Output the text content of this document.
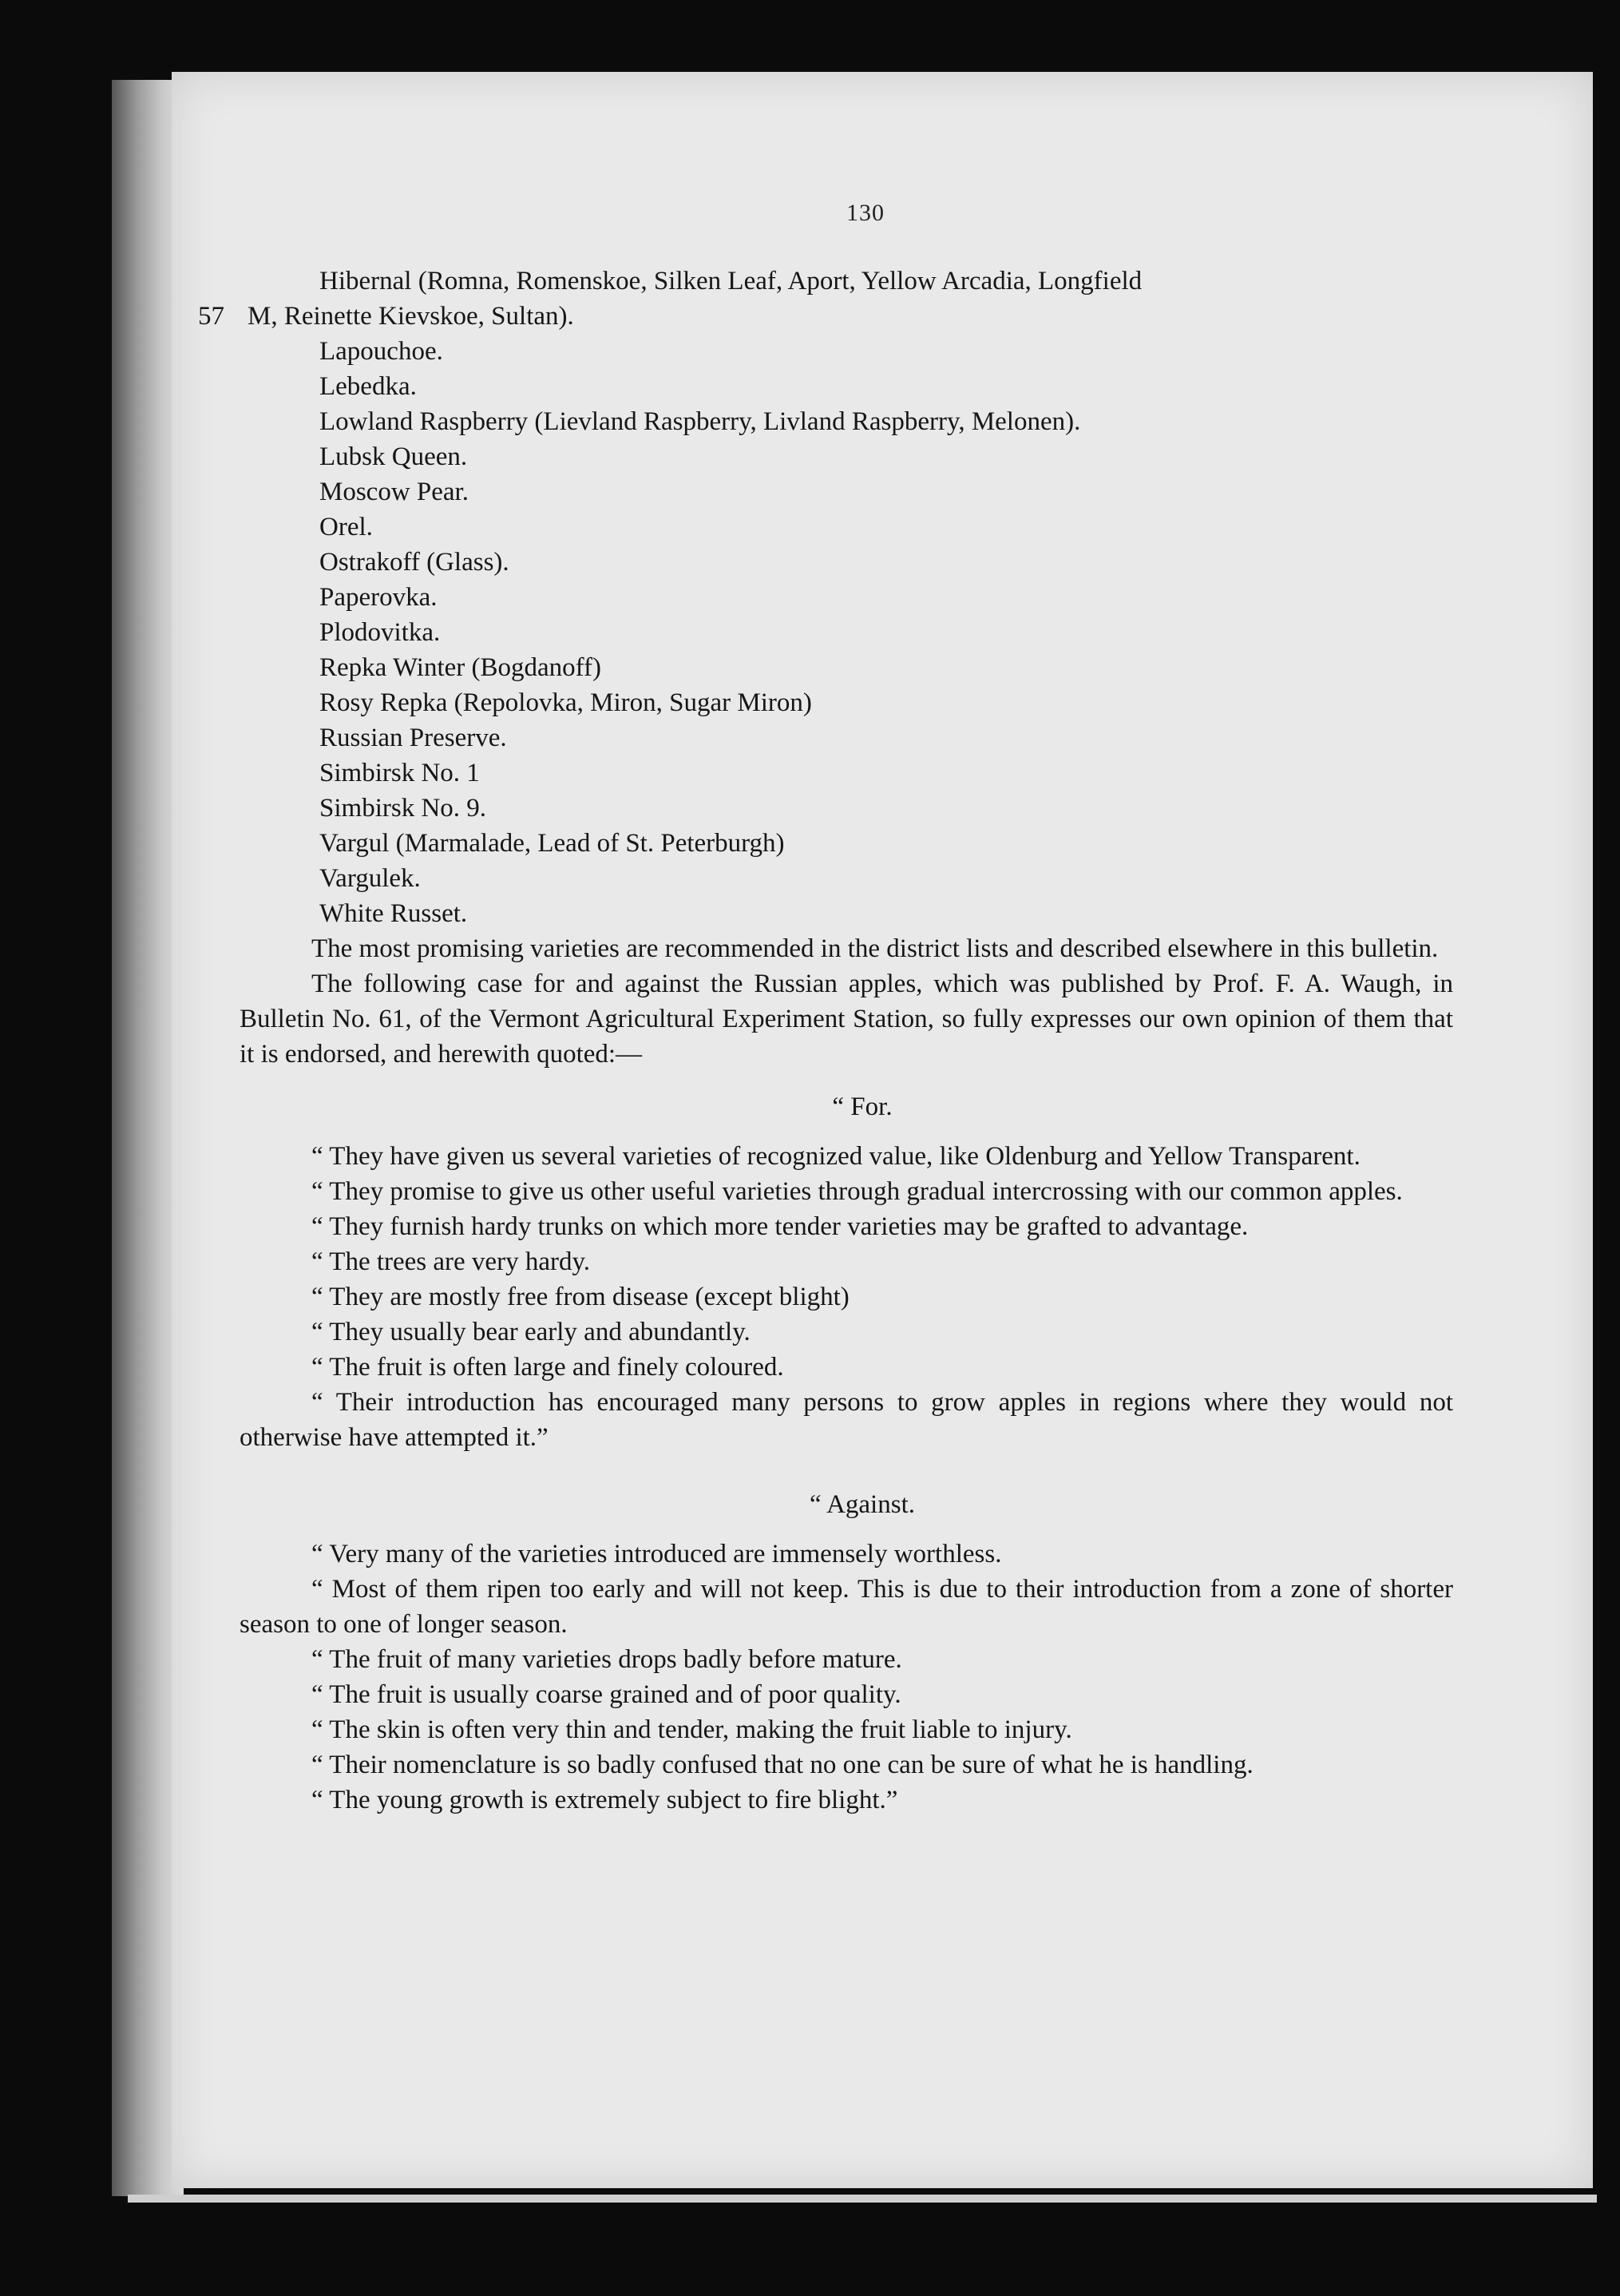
130
Hibernal (Romna, Romenskoe, Silken Leaf, Aport, Yellow Arcadia, Longfield
57 M, Reinette Kievskoe, Sultan).
Lapouchoe.
Lebedka.
Lowland Raspberry (Lievland Raspberry, Livland Raspberry, Melonen).
Lubsk Queen.
Moscow Pear.
Orel.
Ostrakoff (Glass).
Paperovka.
Plodovitka.
Repka Winter (Bogdanoff)
Rosy Repka (Repolovka, Miron, Sugar Miron)
Russian Preserve.
Simbirsk No. 1
Simbirsk No. 9.
Vargul (Marmalade, Lead of St. Peterburgh)
Vargulek.
White Russet.

The most promising varieties are recommended in the district lists and described elsewhere in this bulletin.

The following case for and against the Russian apples, which was published by Prof. F. A. Waugh, in Bulletin No. 61, of the Vermont Agricultural Experiment Station, so fully expresses our own opinion of them that it is endorsed, and herewith quoted:—

“ For.

“ They have given us several varieties of recognized value, like Oldenburg and Yellow Transparent.

“ They promise to give us other useful varieties through gradual intercrossing with our common apples.

“ They furnish hardy trunks on which more tender varieties may be grafted to advantage.

“ The trees are very hardy.

“ They are mostly free from disease (except blight)

“ They usually bear early and abundantly.

“ The fruit is often large and finely coloured.

“ Their introduction has encouraged many persons to grow apples in regions where they would not otherwise have attempted it.”

“ Against.

“ Very many of the varieties introduced are immensely worthless.

“ Most of them ripen too early and will not keep. This is due to their introduction from a zone of shorter season to one of longer season.

“ The fruit of many varieties drops badly before mature.

“ The fruit is usually coarse grained and of poor quality.

“ The skin is often very thin and tender, making the fruit liable to injury.

“ Their nomenclature is so badly confused that no one can be sure of what he is handling.

“ The young growth is extremely subject to fire blight.”
